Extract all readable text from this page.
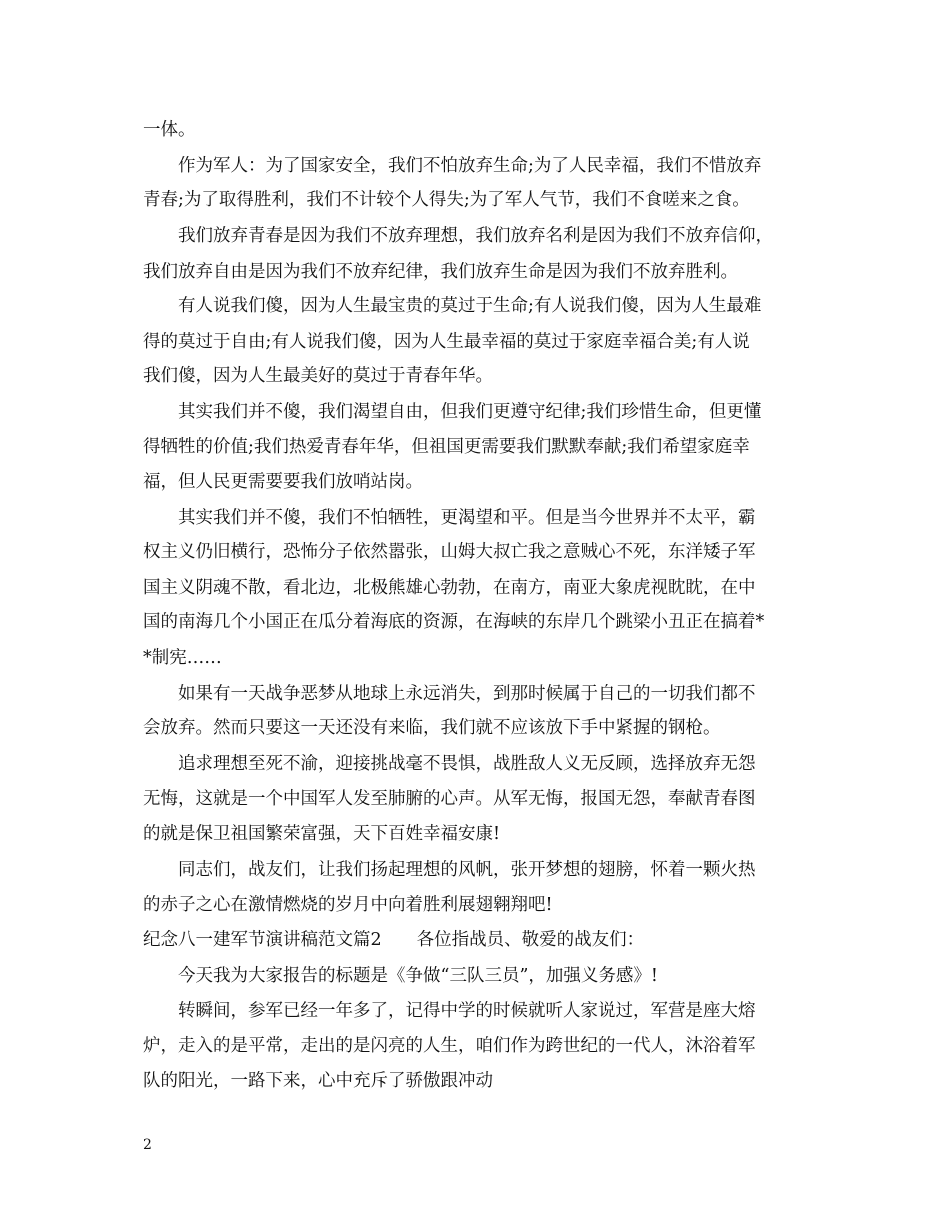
一体。
作为军人：为了国家安全，我们不怕放弃生命;为了人民幸福，我们不惜放弃
青春;为了取得胜利，我们不计较个人得失;为了军人气节，我们不食嗟来之食。
我们放弃青春是因为我们不放弃理想，我们放弃名利是因为我们不放弃信仰，
我们放弃自由是因为我们不放弃纪律，我们放弃生命是因为我们不放弃胜利。
有人说我们傻，因为人生最宝贵的莫过于生命;有人说我们傻，因为人生最难
得的莫过于自由;有人说我们傻，因为人生最幸福的莫过于家庭幸福合美;有人说
我们傻，因为人生最美好的莫过于青春年华。
其实我们并不傻，我们渴望自由，但我们更遵守纪律;我们珍惜生命，但更懂
得牺牲的价值;我们热爱青春年华，但祖国更需要我们默默奉献;我们希望家庭幸
福，但人民更需要要我们放哨站岗。
其实我们并不傻，我们不怕牺牲，更渴望和平。但是当今世界并不太平，霸
权主义仍旧横行，恐怖分子依然嚣张，山姆大叔亡我之意贼心不死，东洋矮子军
国主义阴魂不散，看北边，北极熊雄心勃勃，在南方，南亚大象虎视眈眈，在中
国的南海几个小国正在瓜分着海底的资源，在海峡的东岸几个跳梁小丑正在搞着*
*制宪……
如果有一天战争恶梦从地球上永远消失，到那时候属于自己的一切我们都不
会放弃。然而只要这一天还没有来临，我们就不应该放下手中紧握的钢枪。
追求理想至死不渝，迎接挑战毫不畏惧，战胜敌人义无反顾，选择放弃无怨
无悔，这就是一个中国军人发至肺腑的心声。从军无悔，报国无怨，奉献青春图
的就是保卫祖国繁荣富强，天下百姓幸福安康!
同志们，战友们，让我们扬起理想的风帆，张开梦想的翅膀，怀着一颗火热
的赤子之心在激情燃烧的岁月中向着胜利展翅翱翔吧!
纪念八一建军节演讲稿范文篇2　　各位指战员、敬爱的战友们：
今天我为大家报告的标题是《争做“三队三员”，加强义务感》!
转瞬间，参军已经一年多了，记得中学的时候就听人家说过，军营是座大熔
炉，走入的是平常，走出的是闪亮的人生，咱们作为跨世纪的一代人，沐浴着军
队的阳光，一路下来，心中充斥了骄傲跟冲动
2
